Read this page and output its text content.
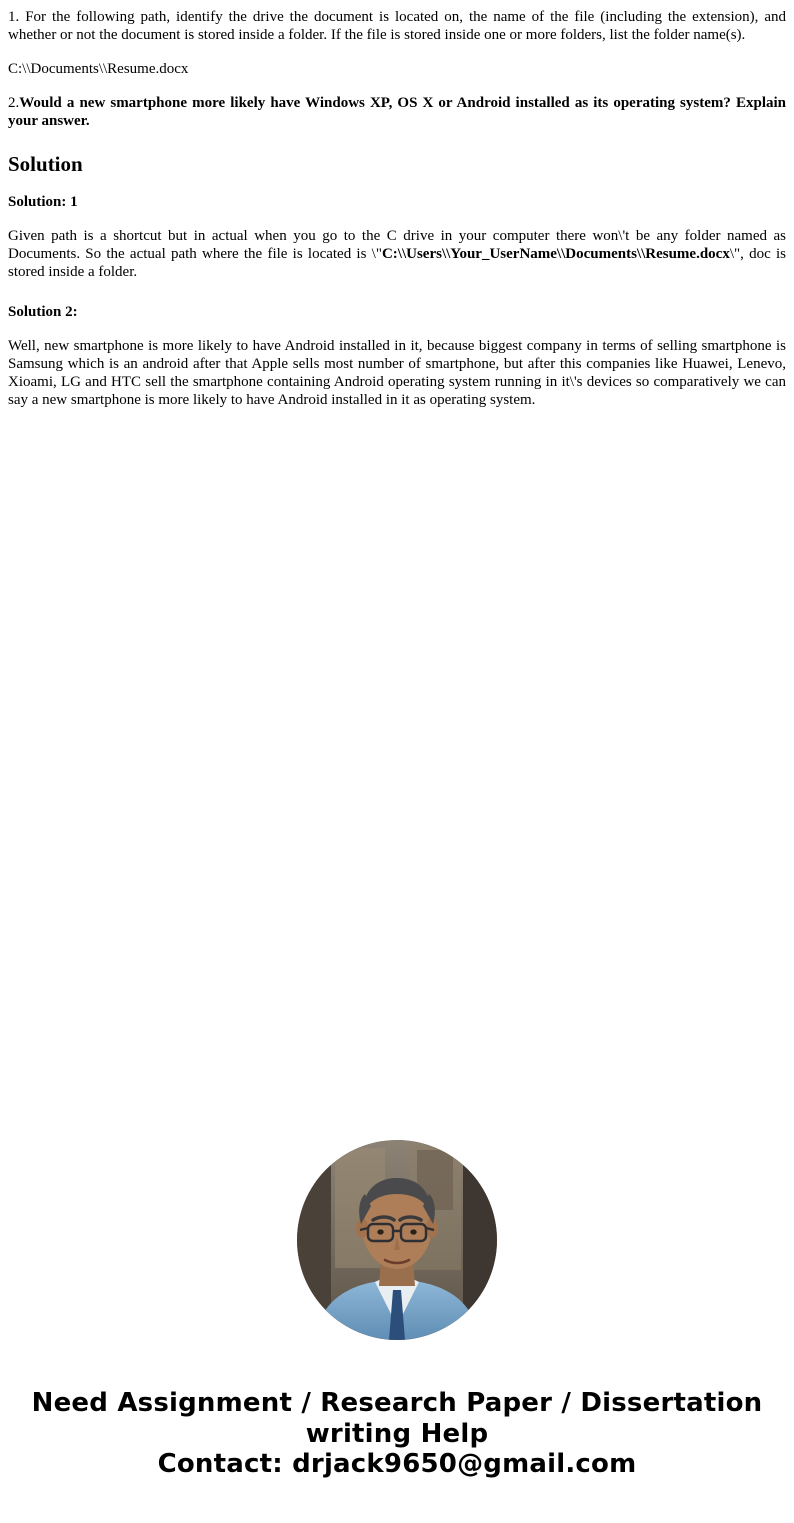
1. For the following path, identify the drive the document is located on, the name of the file (including the extension), and whether or not the document is stored inside a folder. If the file is stored inside one or more folders, list the folder name(s).

C:\\Documents\\Resume.docx

2.Would a new smartphone more likely have Windows XP, OS X or Android installed as its operating system? Explain your answer.

Solution
Solution: 1

Given path is a shortcut but in actual when you go to the C drive in your computer there won\'t be any folder named as Documents. So the actual path where the file is located is \"C:\\Users\\Your_UserName\\Documents\\Resume.docx\", doc is stored inside a folder.

Solution 2:

Well, new smartphone is more likely to have Android installed in it, because biggest company in terms of selling smartphone is Samsung which is an android after that Apple sells most number of smartphone, but after this companies like Huawei, Lenevo, Xioami, LG and HTC sell the smartphone containing Android operating system running in it\'s devices so comparatively we can say a new smartphone is more likely to have Android installed in it as operating system.

Need Assignment / Research Paper / Dissertation
writing Help
Contact: drjack9650@gmail.com
